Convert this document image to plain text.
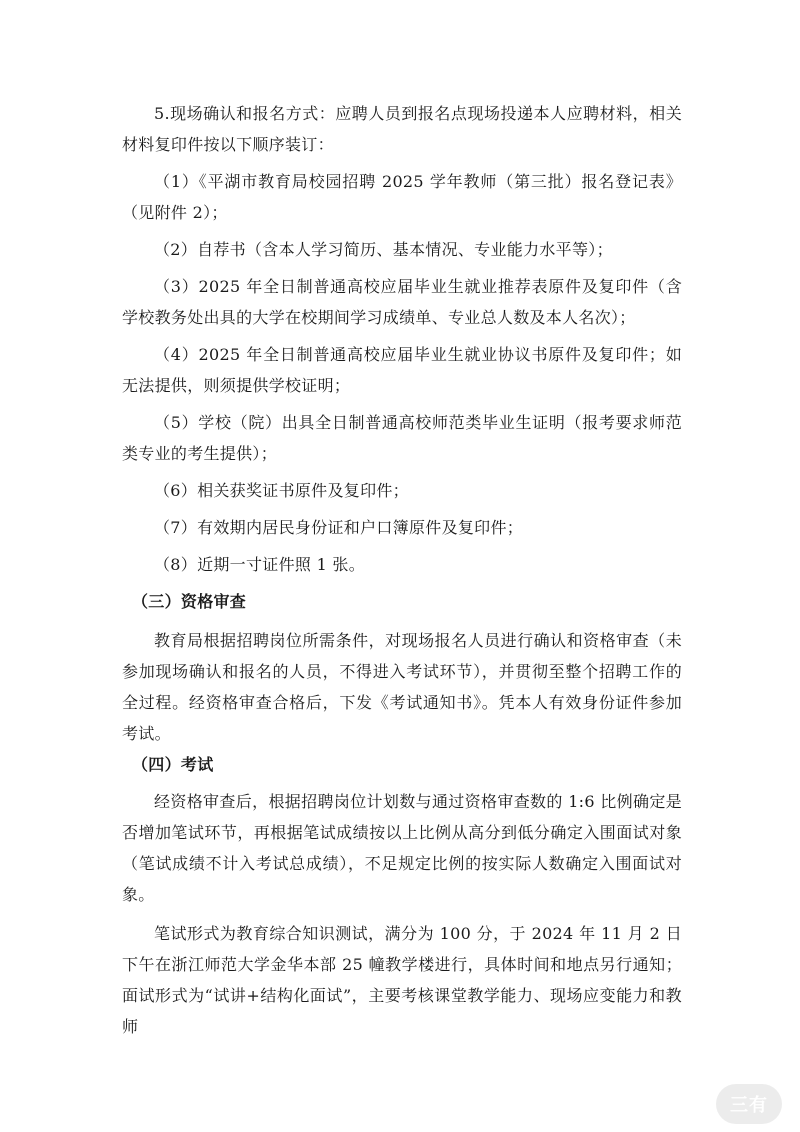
5.现场确认和报名方式：应聘人员到报名点现场投递本人应聘材料，相关材料复印件按以下顺序装订：

（1）《平湖市教育局校园招聘 2025 学年教师（第三批）报名登记表》（见附件 2）；

（2）自荐书（含本人学习简历、基本情况、专业能力水平等）；

（3）2025 年全日制普通高校应届毕业生就业推荐表原件及复印件（含学校教务处出具的大学在校期间学习成绩单、专业总人数及本人名次）；

（4）2025 年全日制普通高校应届毕业生就业协议书原件及复印件；如无法提供，则须提供学校证明；

（5）学校（院）出具全日制普通高校师范类毕业生证明（报考要求师范类专业的考生提供）；

（6）相关获奖证书原件及复印件；

（7）有效期内居民身份证和户口簿原件及复印件；

（8）近期一寸证件照 1 张。

（三）资格审查

教育局根据招聘岗位所需条件，对现场报名人员进行确认和资格审查（未参加现场确认和报名的人员，不得进入考试环节），并贯彻至整个招聘工作的全过程。经资格审查合格后，下发《考试通知书》。凭本人有效身份证件参加考试。

（四）考试

经资格审查后，根据招聘岗位计划数与通过资格审查数的 1:6 比例确定是否增加笔试环节，再根据笔试成绩按以上比例从高分到低分确定入围面试对象（笔试成绩不计入考试总成绩），不足规定比例的按实际人数确定入围面试对象。

笔试形式为教育综合知识测试，满分为 100 分，于 2024 年 11 月 2 日下午在浙江师范大学金华本部 25 幢教学楼进行，具体时间和地点另行通知；面试形式为“试讲+结构化面试”，主要考核课堂教学能力、现场应变能力和教师

三有
